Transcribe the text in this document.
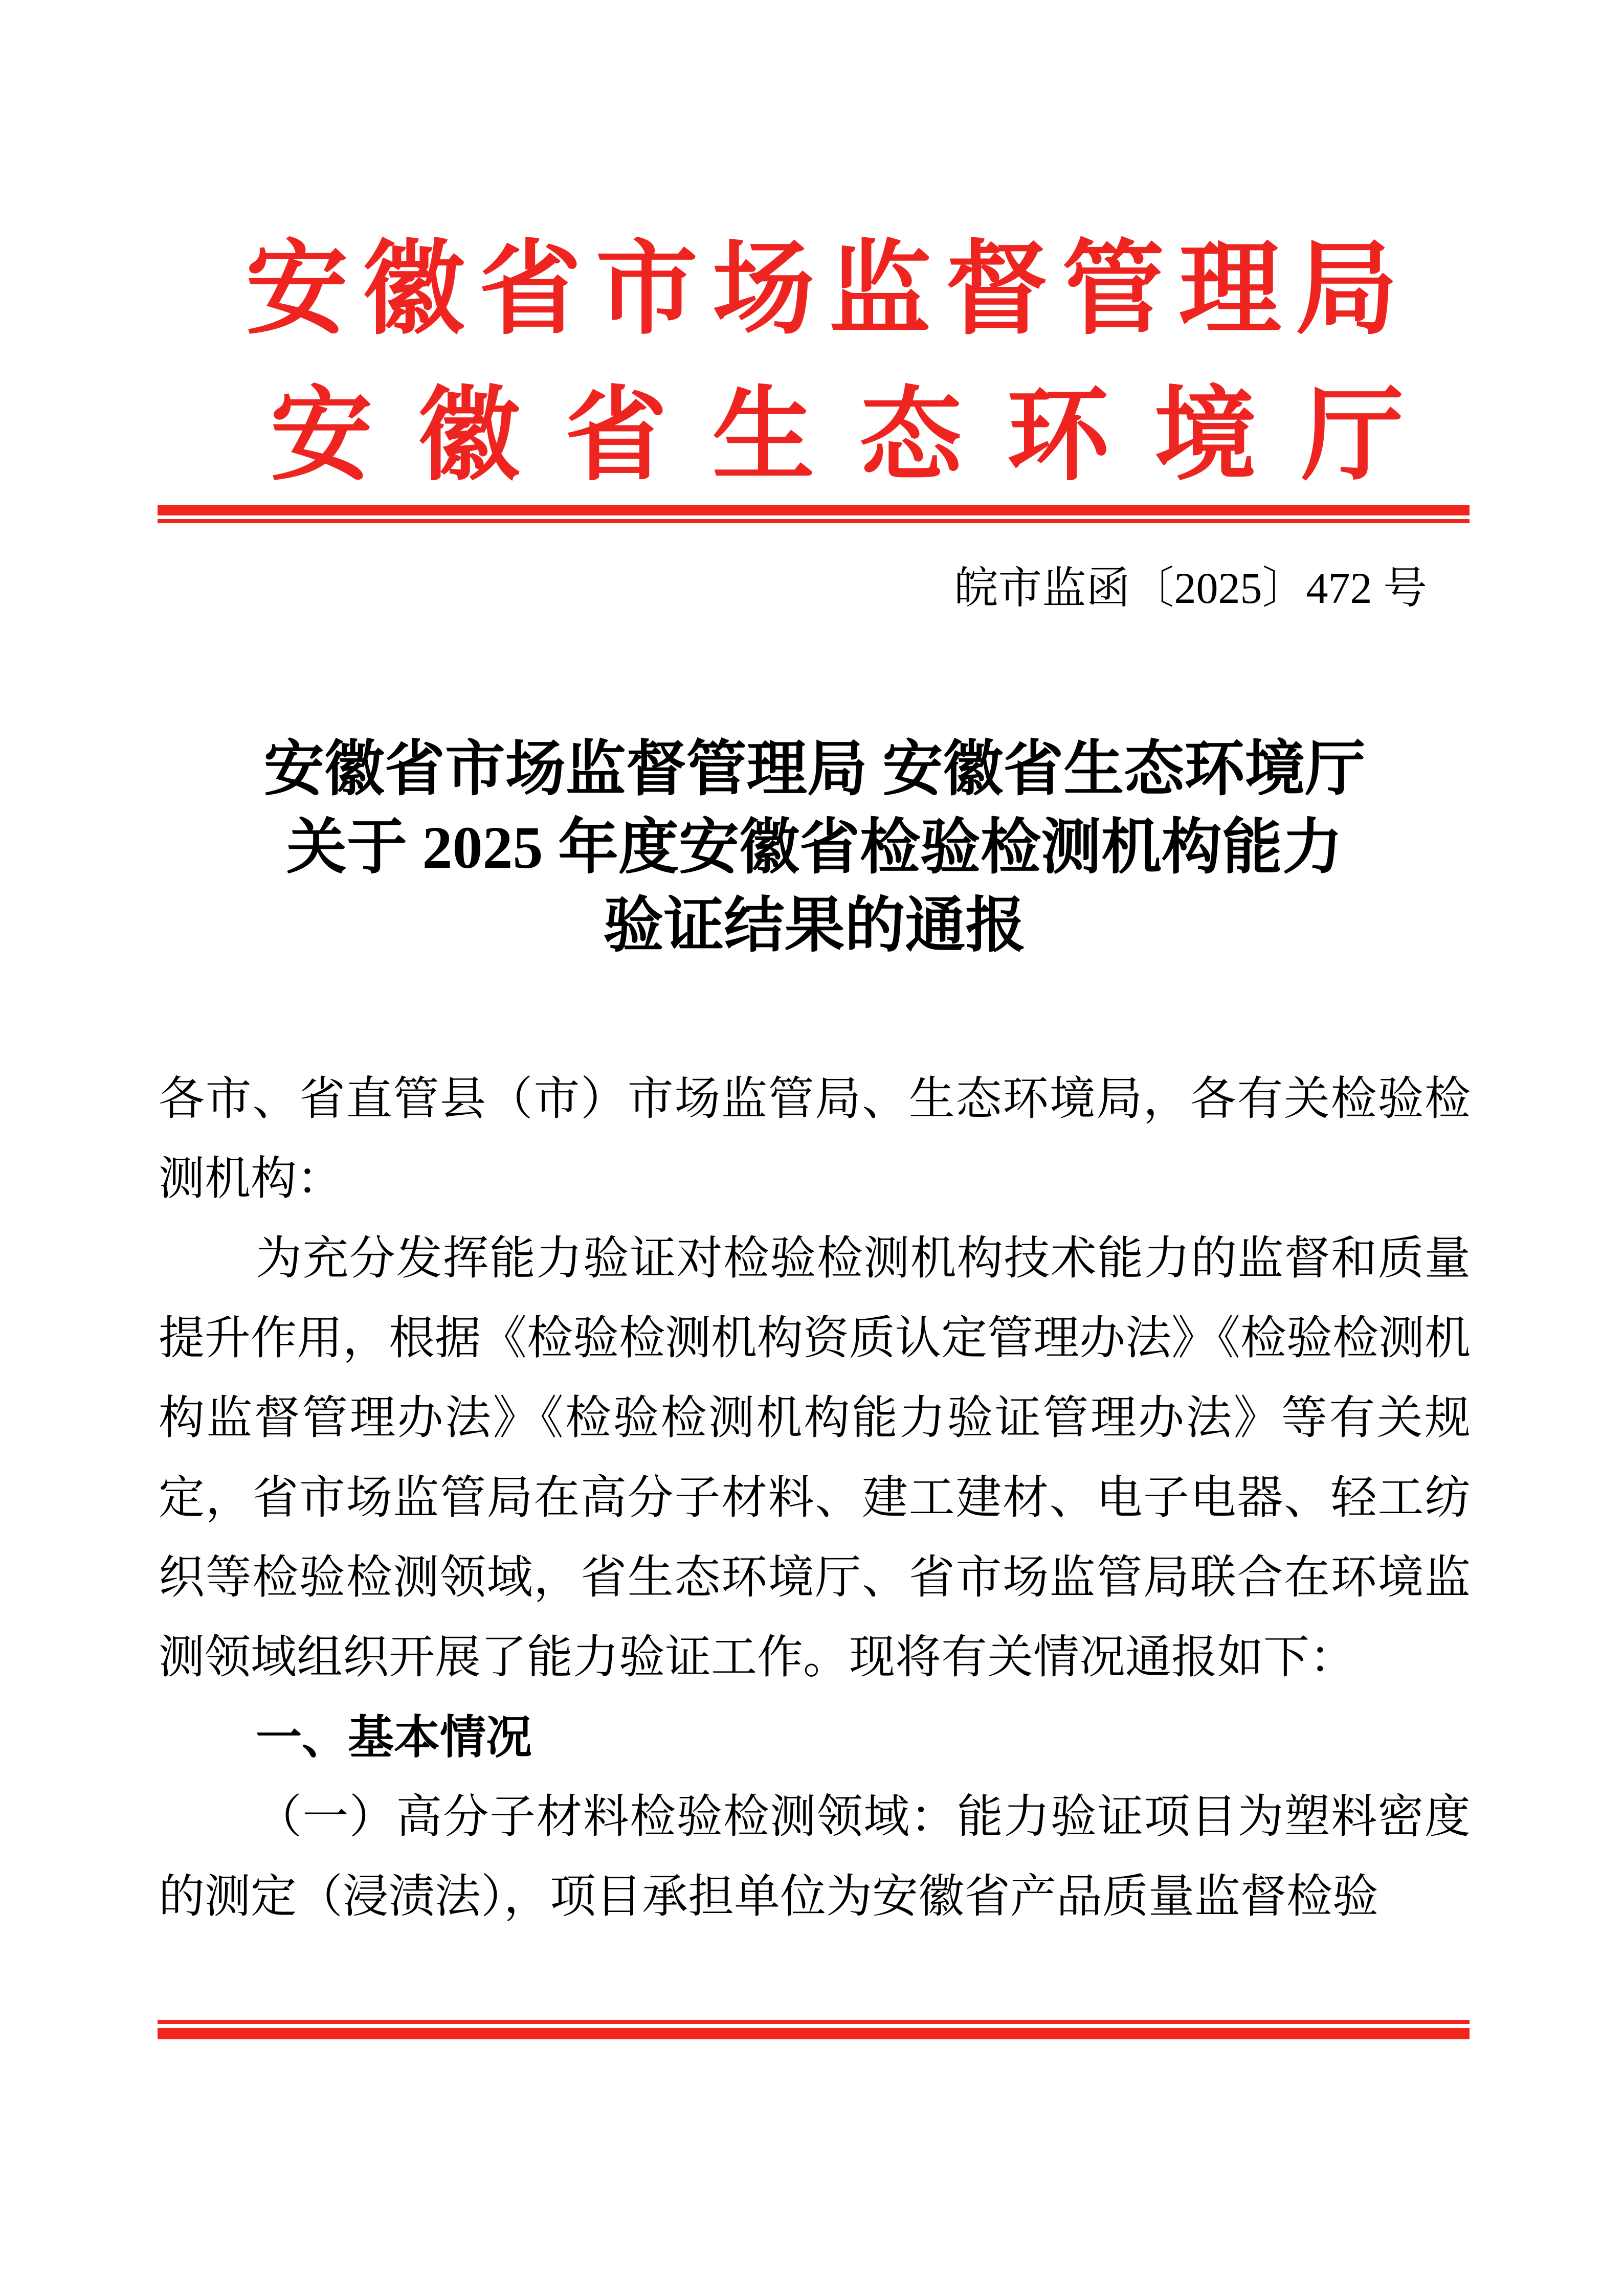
安徽省市场监督管理局
安徽省生态环境厅
皖市监函〔2025〕472 号
安徽省市场监督管理局 安徽省生态环境厅
关于 2025 年度安徽省检验检测机构能力
验证结果的通报

各市、省直管县（市）市场监管局、生态环境局，各有关检验检测机构：

为充分发挥能力验证对检验检测机构技术能力的监督和质量提升作用，根据《检验检测机构资质认定管理办法》《检验检测机构监督管理办法》《检验检测机构能力验证管理办法》等有关规定，省市场监管局在高分子材料、建工建材、电子电器、轻工纺织等检验检测领域，省生态环境厅、省市场监管局联合在环境监测领域组织开展了能力验证工作。现将有关情况通报如下：

一、基本情况

（一）高分子材料检验检测领域：能力验证项目为塑料密度的测定（浸渍法），项目承担单位为安徽省产品质量监督检验
